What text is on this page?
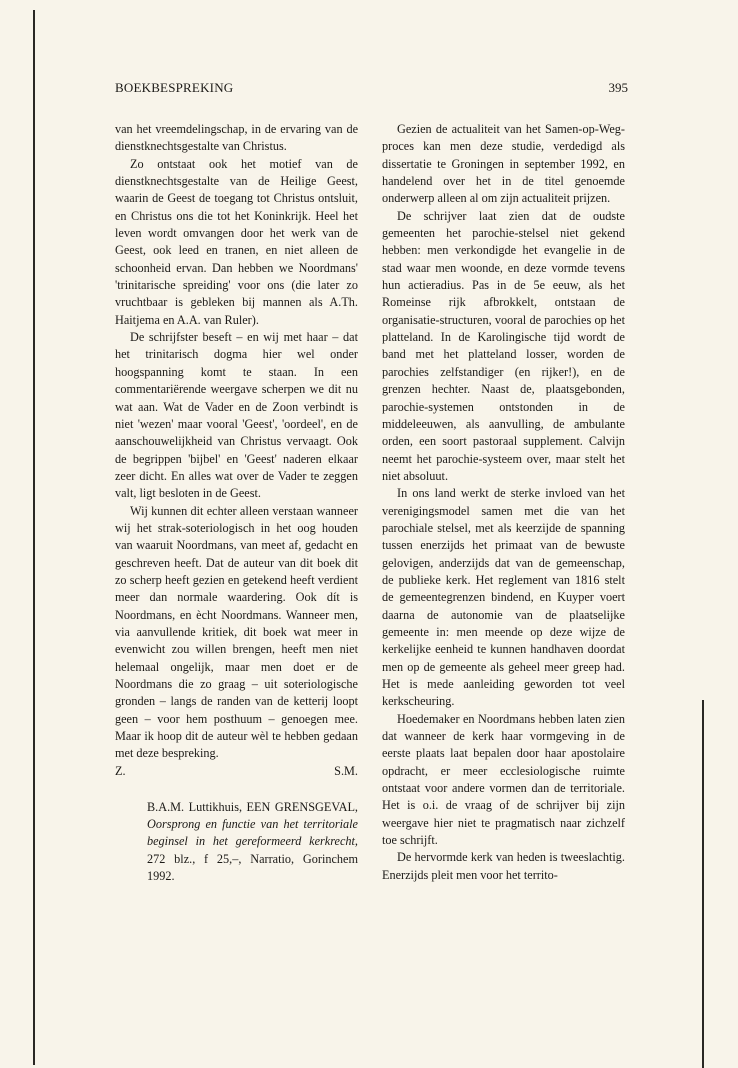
BOEKBESPREKING	395

van het vreemdelingschap, in de ervaring van de dienstknechtsgestalte van Christus.

Zo ontstaat ook het motief van de dienstknechtsgestalte van de Heilige Geest, waarin de Geest de toegang tot Christus ontsluit, en Christus ons die tot het Koninkrijk. Heel het leven wordt omvangen door het werk van de Geest, ook leed en tranen, en niet alleen de schoonheid ervan. Dan hebben we Noordmans' 'trinitarische spreiding' voor ons (die later zo vruchtbaar is gebleken bij mannen als A.Th. Haitjema en A.A. van Ruler).

De schrijfster beseft – en wij met haar – dat het trinitarisch dogma hier wel onder hoogspanning komt te staan. In een commentariërende weergave scherpen we dit nu wat aan. Wat de Vader en de Zoon verbindt is niet 'wezen' maar vooral 'Geest', 'oordeel', en de aanschouwelijkheid van Christus vervaagt. Ook de begrippen 'bijbel' en 'Geest' naderen elkaar zeer dicht. En alles wat over de Vader te zeggen valt, ligt besloten in de Geest.

Wij kunnen dit echter alleen verstaan wanneer wij het strak-soteriologisch in het oog houden van waaruit Noordmans, van meet af, gedacht en geschreven heeft. Dat de auteur van dit boek dit zo scherp heeft gezien en getekend heeft verdient meer dan normale waardering. Ook dít is Noordmans, en ècht Noordmans. Wanneer men, via aanvullende kritiek, dit boek wat meer in evenwicht zou willen brengen, heeft men niet helemaal ongelijk, maar men doet er de Noordmans die zo graag – uit soteriologische gronden – langs de randen van de ketterij loopt geen – voor hem posthuum – genoegen mee. Maar ik hoop dit de auteur wèl te hebben gedaan met deze bespreking.

Z.	S.M.
B.A.M. Luttikhuis, EEN GRENSGEVAL, Oorsprong en functie van het territoriale beginsel in het gereformeerd kerkrecht, 272 blz., f 25,–, Narratio, Gorinchem 1992.

Gezien de actualiteit van het Samen-op-Weg-proces kan men deze studie, verdedigd als dissertatie te Groningen in september 1992, en handelend over het in de titel genoemde onderwerp alleen al om zijn actualiteit prijzen.

De schrijver laat zien dat de oudste gemeenten het parochie-stelsel niet gekend hebben: men verkondigde het evangelie in de stad waar men woonde, en deze vormde tevens hun actieradius. Pas in de 5e eeuw, als het Romeinse rijk afbrokkelt, ontstaan de organisatie-structuren, vooral de parochies op het platteland. In de Karolingische tijd wordt de band met het platteland losser, worden de parochies zelfstandiger (en rijker!), en de grenzen hechter. Naast de, plaatsgebonden, parochie-systemen ontstonden in de middeleeuwen, als aanvulling, de ambulante orden, een soort pastoraal supplement. Calvijn neemt het parochie-systeem over, maar stelt het niet absoluut.

In ons land werkt de sterke invloed van het verenigingsmodel samen met die van het parochiale stelsel, met als keerzijde de spanning tussen enerzijds het primaat van de bewuste gelovigen, anderzijds dat van de gemeenschap, de publieke kerk. Het reglement van 1816 stelt de gemeentegrenzen bindend, en Kuyper voert daarna de autonomie van de plaatselijke gemeente in: men meende op deze wijze de kerkelijke eenheid te kunnen handhaven doordat men op de gemeente als geheel meer greep had. Het is mede aanleiding geworden tot veel kerkscheuring.

Hoedemaker en Noordmans hebben laten zien dat wanneer de kerk haar vormgeving in de eerste plaats laat bepalen door haar apostolaire opdracht, er meer ecclesiologische ruimte ontstaat voor andere vormen dan de territoriale. Het is o.i. de vraag of de schrijver bij zijn weergave hier niet te pragmatisch naar zichzelf toe schrijft.

De hervormde kerk van heden is tweeslachtig. Enerzijds pleit men voor het territo-
